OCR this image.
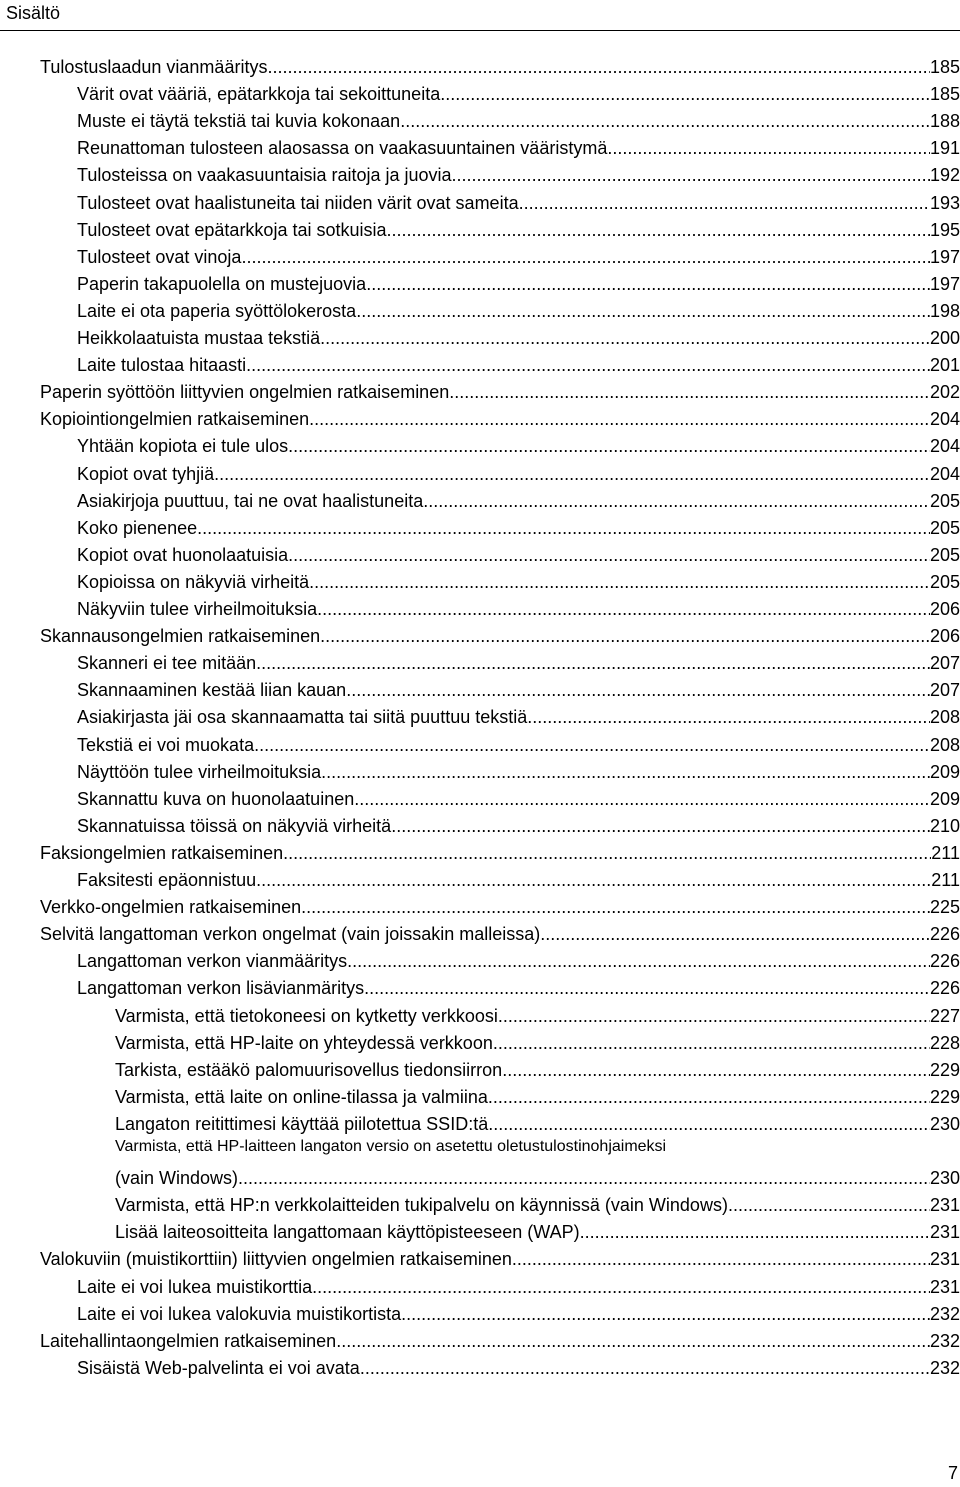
Sisältö
Tulostuslaadun vianmääritys .....	185
Värit ovat vääriä, epätarkkoja tai sekoittuneita .....	185
Muste ei täytä tekstiä tai kuvia kokonaan .....	188
Reunattoman tulosteen alaosassa on vaakasuuntainen vääristymä .....	191
Tulosteissa on vaakasuuntaisia raitoja ja juovia .....	192
Tulosteet ovat haalistuneita tai niiden värit ovat sameita .....	193
Tulosteet ovat epätarkkoja tai sotkuisia .....	195
Tulosteet ovat vinoja .....	197
Paperin takapuolella on mustejuovia .....	197
Laite ei ota paperia syöttölokerosta .....	198
Heikkolaatuista mustaa tekstiä .....	200
Laite tulostaa hitaasti .....	201
Paperin syöttöön liittyvien ongelmien ratkaiseminen .....	202
Kopiointiongelmien ratkaiseminen .....	204
Yhtään kopiota ei tule ulos .....	204
Kopiot ovat tyhjiä .....	204
Asiakirjoja puuttuu, tai ne ovat haalistuneita .....	205
Koko pienenee .....	205
Kopiot ovat huonolaatuisia .....	205
Kopioissa on näkyviä virheitä .....	205
Näkyviin tulee virheilmoituksia .....	206
Skannausongelmien ratkaiseminen .....	206
Skanneri ei tee mitään .....	207
Skannaaminen kestää liian kauan .....	207
Asiakirjasta jäi osa skannaamatta tai siitä puuttuu tekstiä .....	208
Tekstiä ei voi muokata .....	208
Näyttöön tulee virheilmoituksia .....	209
Skannattu kuva on huonolaatuinen .....	209
Skannatuissa töissä on näkyviä virheitä .....	210
Faksiongelmien ratkaiseminen .....	211
Faksitesti epäonnistuu .....	211
Verkko-ongelmien ratkaiseminen .....	225
Selvitä langattoman verkon ongelmat (vain joissakin malleissa) .....	226
Langattoman verkon vianmääritys .....	226
Langattoman verkon lisävianmäritys .....	226
Varmista, että tietokoneesi on kytketty verkkoosi .....	227
Varmista, että HP-laite on yhteydessä verkkoon .....	228
Tarkista, estääkö palomuurisovellus tiedonsiirron .....	229
Varmista, että laite on online-tilassa ja valmiina .....	229
Langaton reitittimesi käyttää piilotettua SSID:tä .....	230
Varmista, että HP-laitteen langaton versio on asetettu oletustulostinohjaimeksi
(vain Windows) .....	230
Varmista, että HP:n verkkolaitteiden tukipalvelu on käynnissä (vain Windows) .....	231
Lisää laiteosoitteita langattomaan käyttöpisteeseen (WAP) .....	231
Valokuviin (muistikorttiin) liittyvien ongelmien ratkaiseminen .....	231
Laite ei voi lukea muistikorttia .....	231
Laite ei voi lukea valokuvia muistikortista .....	232
Laitehallintaongelmien ratkaiseminen .....	232
Sisäistä Web-palvelinta ei voi avata .....	232
7
